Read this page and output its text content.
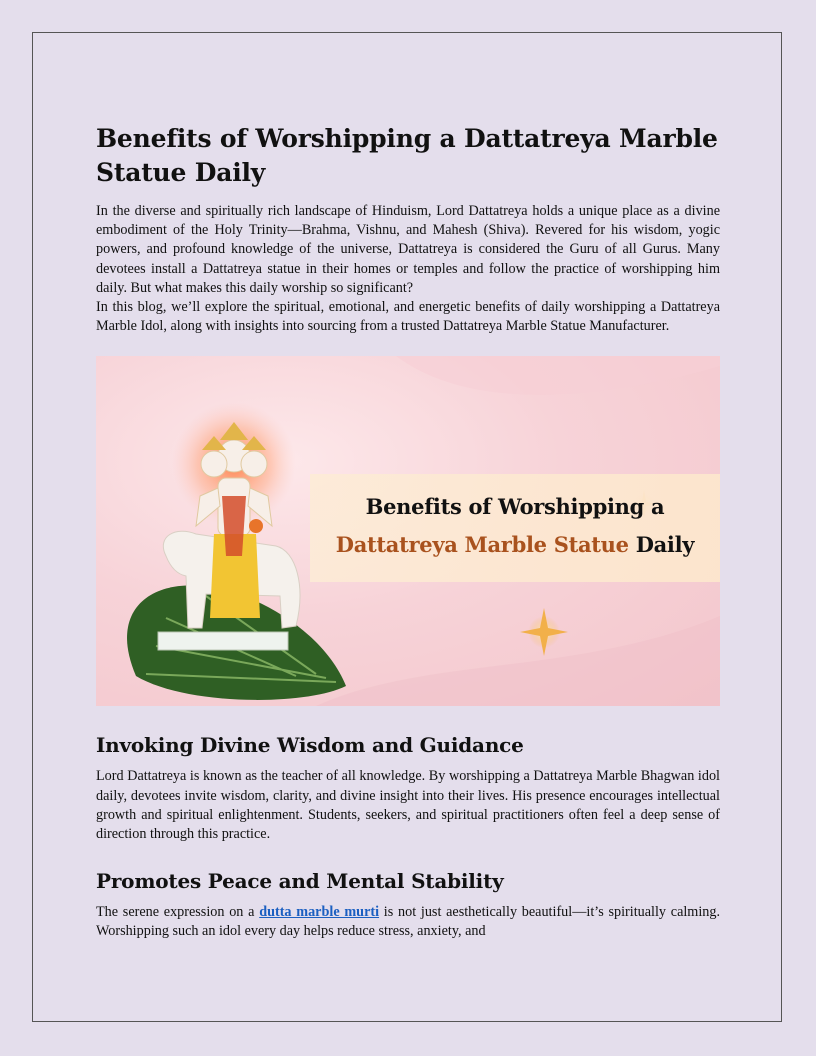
Benefits of Worshipping a Dattatreya Marble Statue Daily

In the diverse and spiritually rich landscape of Hinduism, Lord Dattatreya holds a unique place as a divine embodiment of the Holy Trinity—Brahma, Vishnu, and Mahesh (Shiva). Revered for his wisdom, yogic powers, and profound knowledge of the universe, Dattatreya is considered the Guru of all Gurus. Many devotees install a Dattatreya statue in their homes or temples and follow the practice of worshipping him daily. But what makes this daily worship so significant?

In this blog, we’ll explore the spiritual, emotional, and energetic benefits of daily worshipping a Dattatreya Marble Idol, along with insights into sourcing from a trusted Dattatreya Marble Statue Manufacturer.

Benefits of Worshipping a
Dattatreya Marble Statue Daily
Invoking Divine Wisdom and Guidance

Lord Dattatreya is known as the teacher of all knowledge. By worshipping a Dattatreya Marble Bhagwan idol daily, devotees invite wisdom, clarity, and divine insight into their lives. His presence encourages intellectual growth and spiritual enlightenment. Students, seekers, and spiritual practitioners often feel a deep sense of direction through this practice.

Promotes Peace and Mental Stability

The serene expression on a dutta marble murti is not just aesthetically beautiful—it’s spiritually calming. Worshipping such an idol every day helps reduce stress, anxiety, and
